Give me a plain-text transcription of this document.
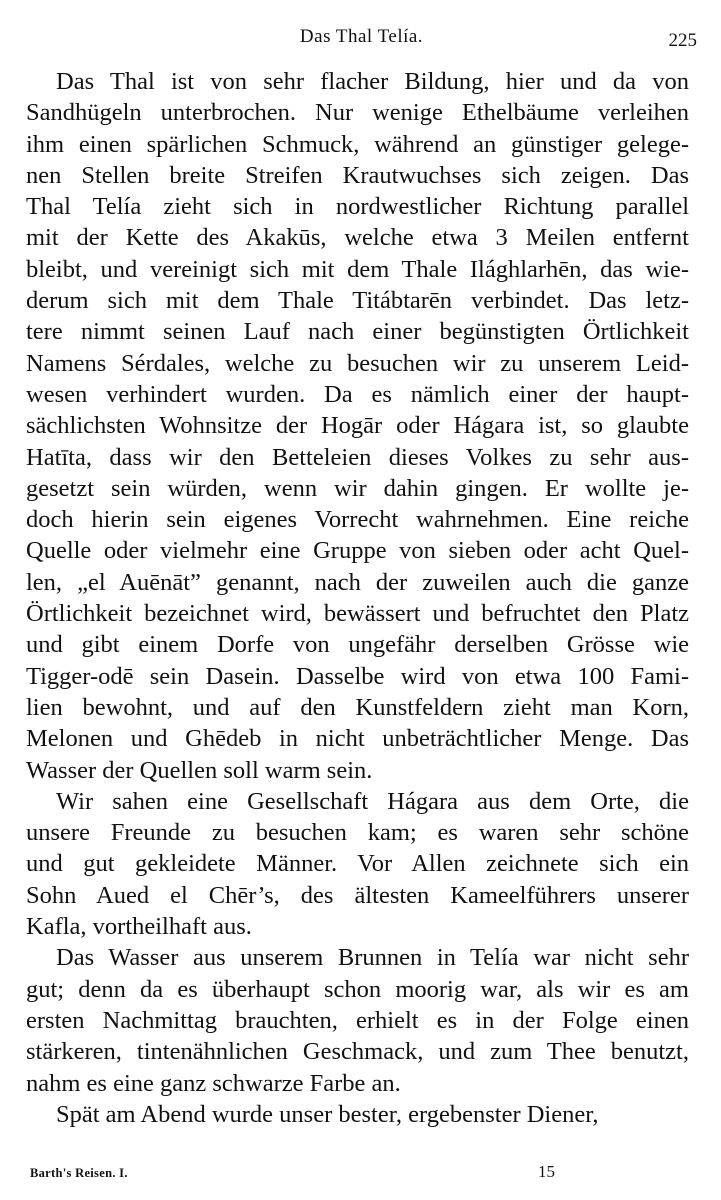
Das Thal Telía.	225
Das Thal ist von sehr flacher Bildung, hier und da von
Sandhügeln unterbrochen. Nur wenige Ethelbäume verleihen
ihm einen spärlichen Schmuck, während an günstiger gelege-
nen Stellen breite Streifen Krautwuchses sich zeigen. Das
Thal Telía zieht sich in nordwestlicher Richtung parallel
mit der Kette des Akakūs, welche etwa 3 Meilen entfernt
bleibt, und vereinigt sich mit dem Thale Ilághlarhēn, das wie-
derum sich mit dem Thale Titábtarēn verbindet. Das letz-
tere nimmt seinen Lauf nach einer begünstigten Örtlichkeit
Namens Sérdales, welche zu besuchen wir zu unserem Leid-
wesen verhindert wurden. Da es nämlich einer der haupt-
sächlichsten Wohnsitze der Hogār oder Hágara ist, so glaubte
Hatīta, dass wir den Betteleien dieses Volkes zu sehr aus-
gesetzt sein würden, wenn wir dahin gingen. Er wollte je-
doch hierin sein eigenes Vorrecht wahrnehmen. Eine reiche
Quelle oder vielmehr eine Gruppe von sieben oder acht Quel-
len, „el Auēnāt” genannt, nach der zuweilen auch die ganze
Örtlichkeit bezeichnet wird, bewässert und befruchtet den Platz
und gibt einem Dorfe von ungefähr derselben Grösse wie
Tigger-odē sein Dasein. Dasselbe wird von etwa 100 Fami-
lien bewohnt, und auf den Kunstfeldern zieht man Korn,
Melonen und Ghēdeb in nicht unbeträchtlicher Menge. Das
Wasser der Quellen soll warm sein.
Wir sahen eine Gesellschaft Hágara aus dem Orte, die
unsere Freunde zu besuchen kam; es waren sehr schöne
und gut gekleidete Männer. Vor Allen zeichnete sich ein
Sohn Aued el Chēr’s, des ältesten Kameelführers unserer
Kafla, vortheilhaft aus.
Das Wasser aus unserem Brunnen in Telía war nicht sehr
gut; denn da es überhaupt schon moorig war, als wir es am
ersten Nachmittag brauchten, erhielt es in der Folge einen
stärkeren, tintenähnlichen Geschmack, und zum Thee benutzt,
nahm es eine ganz schwarze Farbe an.
Spät am Abend wurde unser bester, ergebenster Diener,
Barth's Reisen. I.	15
